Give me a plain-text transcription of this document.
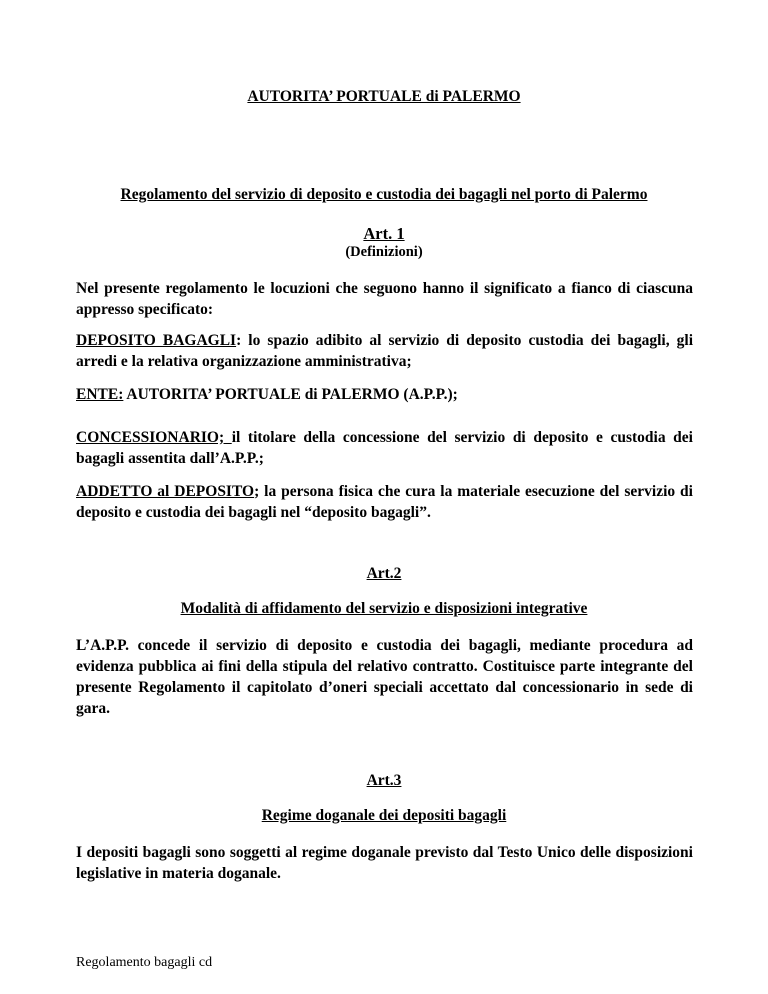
AUTORITA’ PORTUALE di PALERMO
Regolamento del servizio di deposito e custodia dei bagagli nel porto di Palermo
Art. 1
(Definizioni)
Nel presente regolamento le locuzioni che seguono hanno il significato a fianco di ciascuna appresso specificato:
DEPOSITO BAGAGLI: lo spazio adibito al servizio di deposito custodia dei bagagli, gli arredi e la relativa organizzazione amministrativa;
ENTE: AUTORITA’ PORTUALE di PALERMO (A.P.P.);
CONCESSIONARIO; il titolare della concessione del servizio di deposito e custodia dei bagagli assentita dall’A.P.P.;
ADDETTO al DEPOSITO; la persona fisica che cura la materiale esecuzione del servizio di deposito e custodia dei bagagli nel “deposito bagagli”.
Art.2
Modalità di affidamento del servizio e disposizioni integrative
L’A.P.P. concede il servizio di deposito e custodia dei bagagli, mediante procedura ad evidenza pubblica ai fini della stipula del relativo contratto. Costituisce parte integrante del presente Regolamento il capitolato d’oneri speciali accettato dal concessionario in sede di gara.
Art.3
Regime doganale dei depositi bagagli
I depositi bagagli sono soggetti al regime doganale previsto dal Testo Unico delle disposizioni legislative in materia doganale.
Regolamento bagagli cd
